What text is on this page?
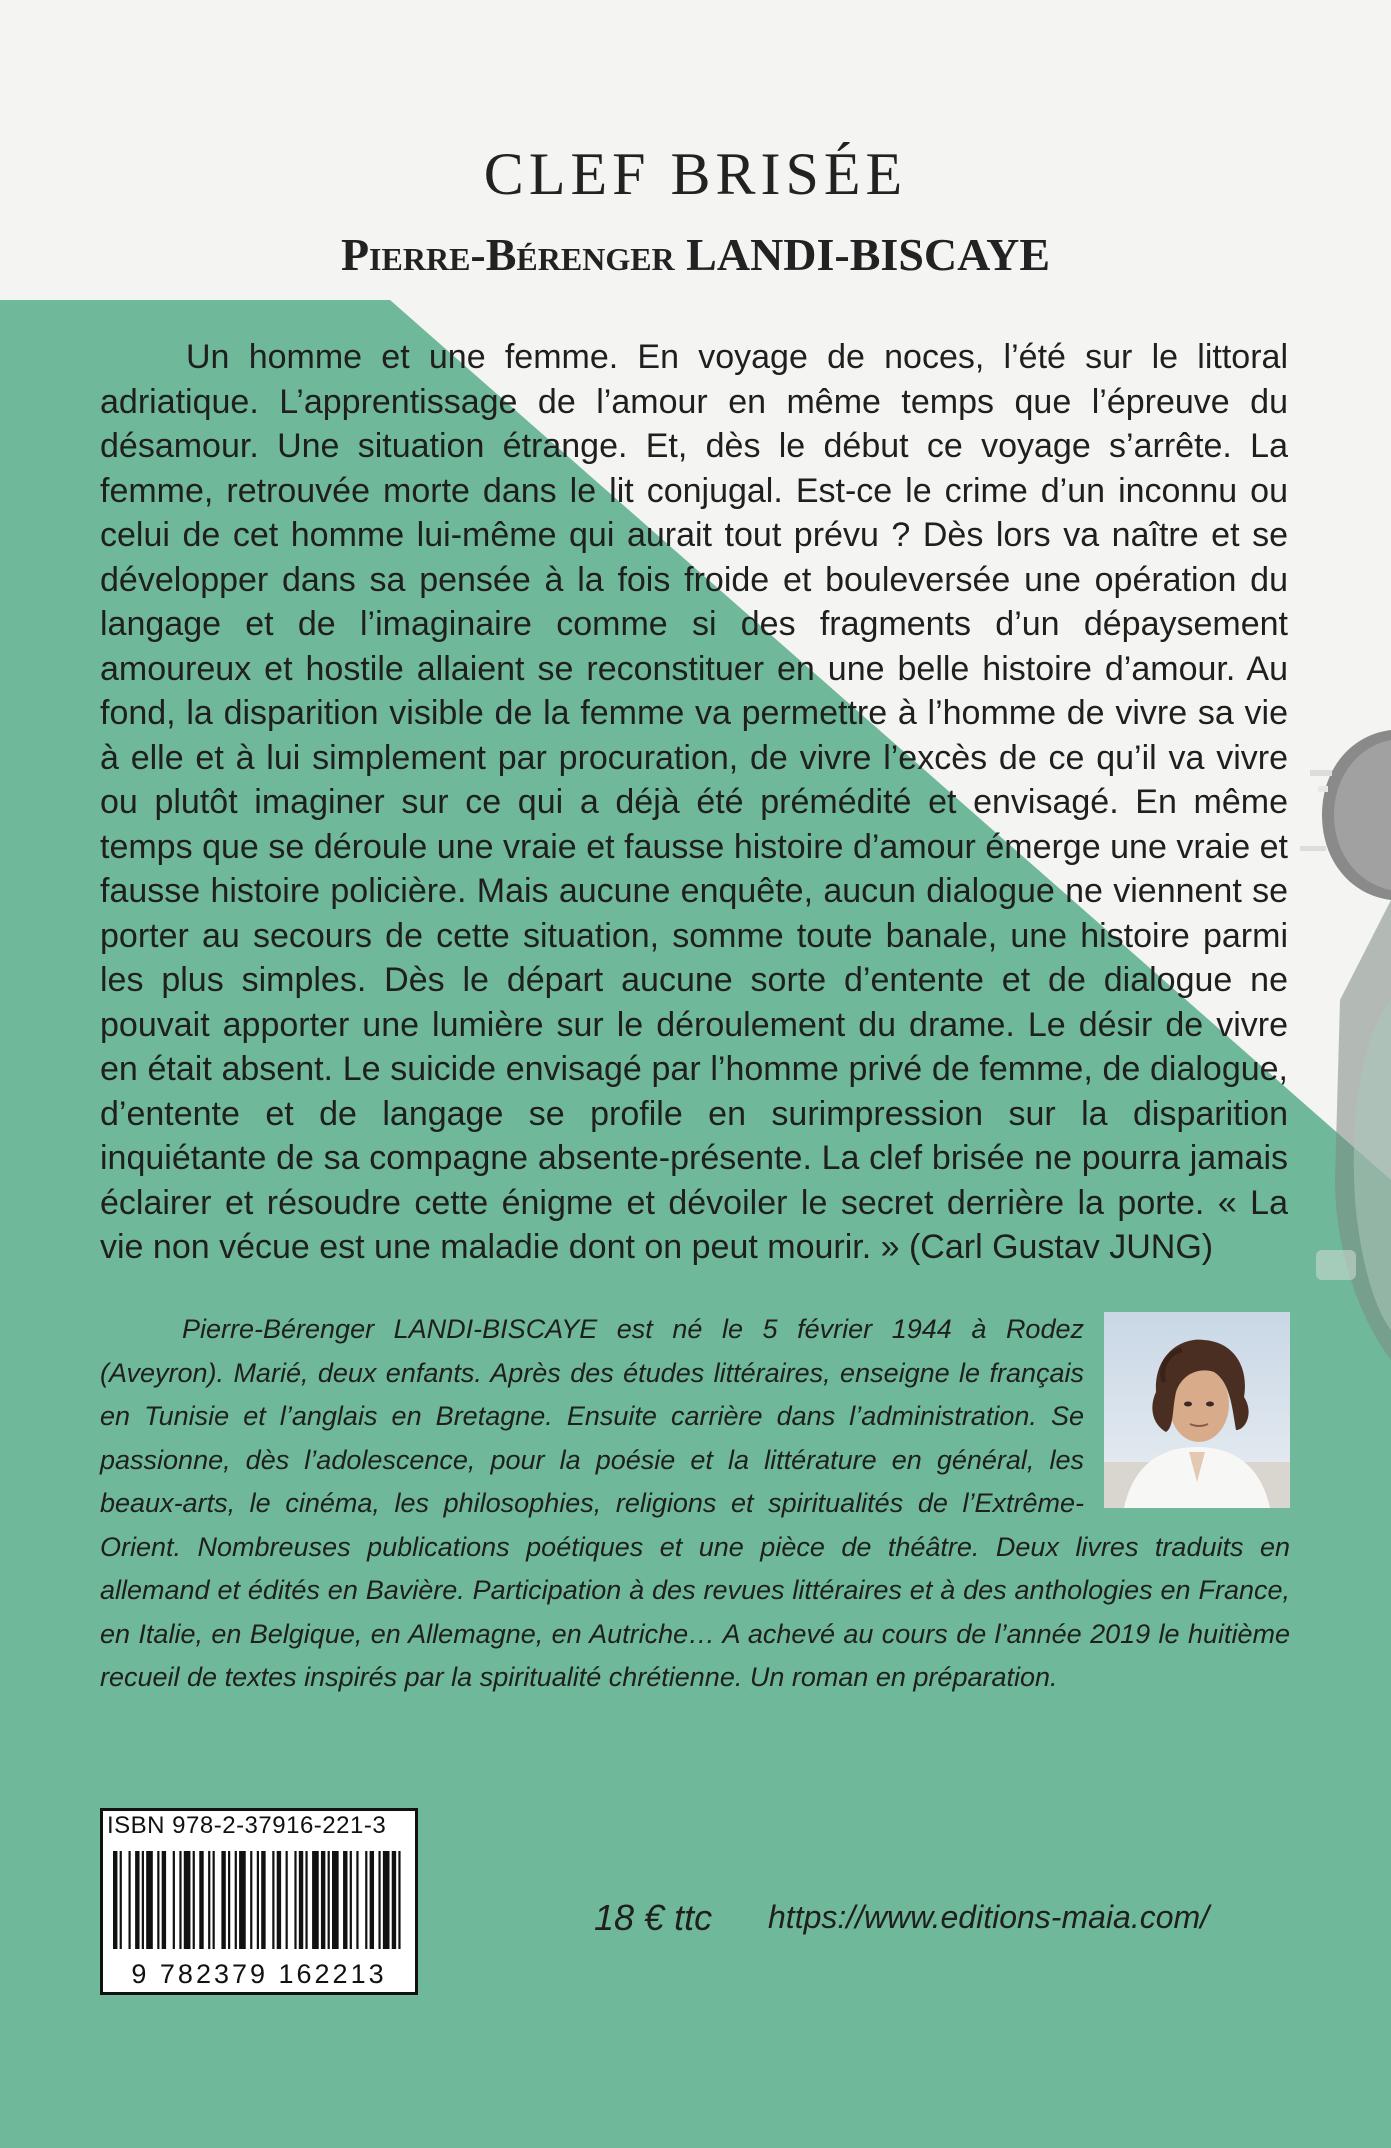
CLEF BRISÉE
Pierre-Bérenger LANDI-BISCAYE

Un homme et une femme. En voyage de noces, l’été sur le littoral adriatique. L’apprentissage de l’amour en même temps que l’épreuve du désamour. Une situation étrange. Et, dès le début ce voyage s’arrête. La femme, retrouvée morte dans le lit conjugal. Est-ce le crime d’un inconnu ou celui de cet homme lui-même qui aurait tout prévu ? Dès lors va naître et se développer dans sa pensée à la fois froide et bouleversée une opération du langage et de l’imaginaire comme si des fragments d’un dépaysement amoureux et hostile allaient se reconstituer en une belle histoire d’amour. Au fond, la disparition visible de la femme va permettre à l’homme de vivre sa vie à elle et à lui simplement par procuration, de vivre l’excès de ce qu’il va vivre ou plutôt imaginer sur ce qui a déjà été prémédité et envisagé. En même temps que se déroule une vraie et fausse histoire d’amour émerge une vraie et fausse histoire policière. Mais aucune enquête, aucun dialogue ne viennent se porter au secours de cette situation, somme toute banale, une histoire parmi les plus simples. Dès le départ aucune sorte d’entente et de dialogue ne pouvait apporter une lumière sur le déroulement du drame. Le désir de vivre en était absent. Le suicide envisagé par l’homme privé de femme, de dialogue, d’entente et de langage se profile en surimpression sur la disparition inquiétante de sa compagne absente-présente. La clef brisée ne pourra jamais éclairer et résoudre cette énigme et dévoiler le secret derrière la porte. « La vie non vécue est une maladie dont on peut mourir. » (Carl Gustav JUNG)

Pierre-Bérenger LANDI-BISCAYE est né le 5 février 1944 à Rodez (Aveyron). Marié, deux enfants. Après des études littéraires, enseigne le français en Tunisie et l’anglais en Bretagne. Ensuite carrière dans l’administration. Se passionne, dès l’adolescence, pour la poésie et la littérature en général, les beaux-arts, le cinéma, les philosophies, religions et spiritualités de l’Extrême-Orient. Nombreuses publications poétiques et une pièce de théâtre. Deux livres traduits en allemand et édités en Bavière. Participation à des revues littéraires et à des anthologies en France, en Italie, en Belgique, en Allemagne, en Autriche… A achevé au cours de l’année 2019 le huitième recueil de textes inspirés par la spiritualité chrétienne. Un roman en préparation.
ISBN 978-2-37916-221-3
9 782379 162213

18 € ttc https://www.editions-maia.com/
